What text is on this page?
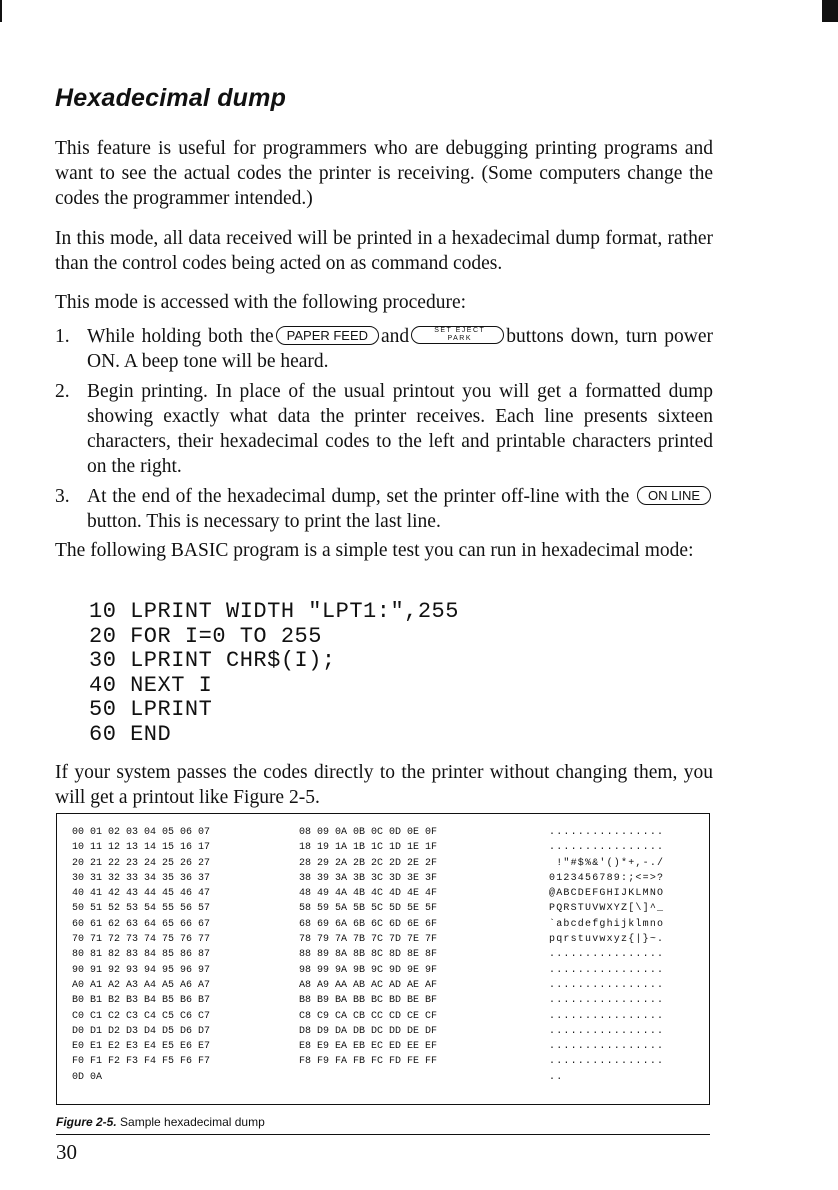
Hexadecimal dump

This feature is useful for programmers who are debugging printing programs and want to see the actual codes the printer is receiving. (Some computers change the codes the programmer intended.)

In this mode, all data received will be printed in a hexadecimal dump format, rather than the control codes being acted on as command codes.

This mode is accessed with the following procedure:

1. While holding both the PAPER FEED and	SET EJECT
PARK	buttons down, turn power ON. A beep tone will be heard.
2. Begin printing. In place of the usual printout you will get a formatted dump showing exactly what data the printer receives. Each line presents sixteen characters, their hexadecimal codes to the left and printable characters printed on the right.
3. At the end of the hexadecimal dump, set the printer off-line with the ON LINE button. This is necessary to print the last line.

The following BASIC program is a simple test you can run in hexadecimal mode:

10 LPRINT WIDTH "LPT1:",255
20 FOR I=0 TO 255
30 LPRINT CHR$(I);
40 NEXT I
50 LPRINT
60 END

If your system passes the codes directly to the printer without changing them, you will get a printout like Figure 2-5.

00 01 02 03 04 05 06 07	08 09 0A 0B 0C 0D 0E 0F	................
10 11 12 13 14 15 16 17	18 19 1A 1B 1C 1D 1E 1F	................
20 21 22 23 24 25 26 27	28 29 2A 2B 2C 2D 2E 2F	!"#$%&'()*+,-./
30 31 32 33 34 35 36 37	38 39 3A 3B 3C 3D 3E 3F	0123456789:;<=>?
40 41 42 43 44 45 46 47	48 49 4A 4B 4C 4D 4E 4F	@ABCDEFGHIJKLMNO
50 51 52 53 54 55 56 57	58 59 5A 5B 5C 5D 5E 5F	PQRSTUVWXYZ[\]^_
60 61 62 63 64 65 66 67	68 69 6A 6B 6C 6D 6E 6F	`abcdefghijklmno
70 71 72 73 74 75 76 77	78 79 7A 7B 7C 7D 7E 7F	pqrstuvwxyz{|}~.
80 81 82 83 84 85 86 87	88 89 8A 8B 8C 8D 8E 8F	................
90 91 92 93 94 95 96 97	98 99 9A 9B 9C 9D 9E 9F	................
A0 A1 A2 A3 A4 A5 A6 A7	A8 A9 AA AB AC AD AE AF	................
B0 B1 B2 B3 B4 B5 B6 B7	B8 B9 BA BB BC BD BE BF	................
C0 C1 C2 C3 C4 C5 C6 C7	C8 C9 CA CB CC CD CE CF	................
D0 D1 D2 D3 D4 D5 D6 D7	D8 D9 DA DB DC DD DE DF	................
E0 E1 E2 E3 E4 E5 E6 E7	E8 E9 EA EB EC ED EE EF	................
F0 F1 F2 F3 F4 F5 F6 F7	F8 F9 FA FB FC FD FE FF	................
0D 0A		..
Figure 2-5. Sample hexadecimal dump
30
